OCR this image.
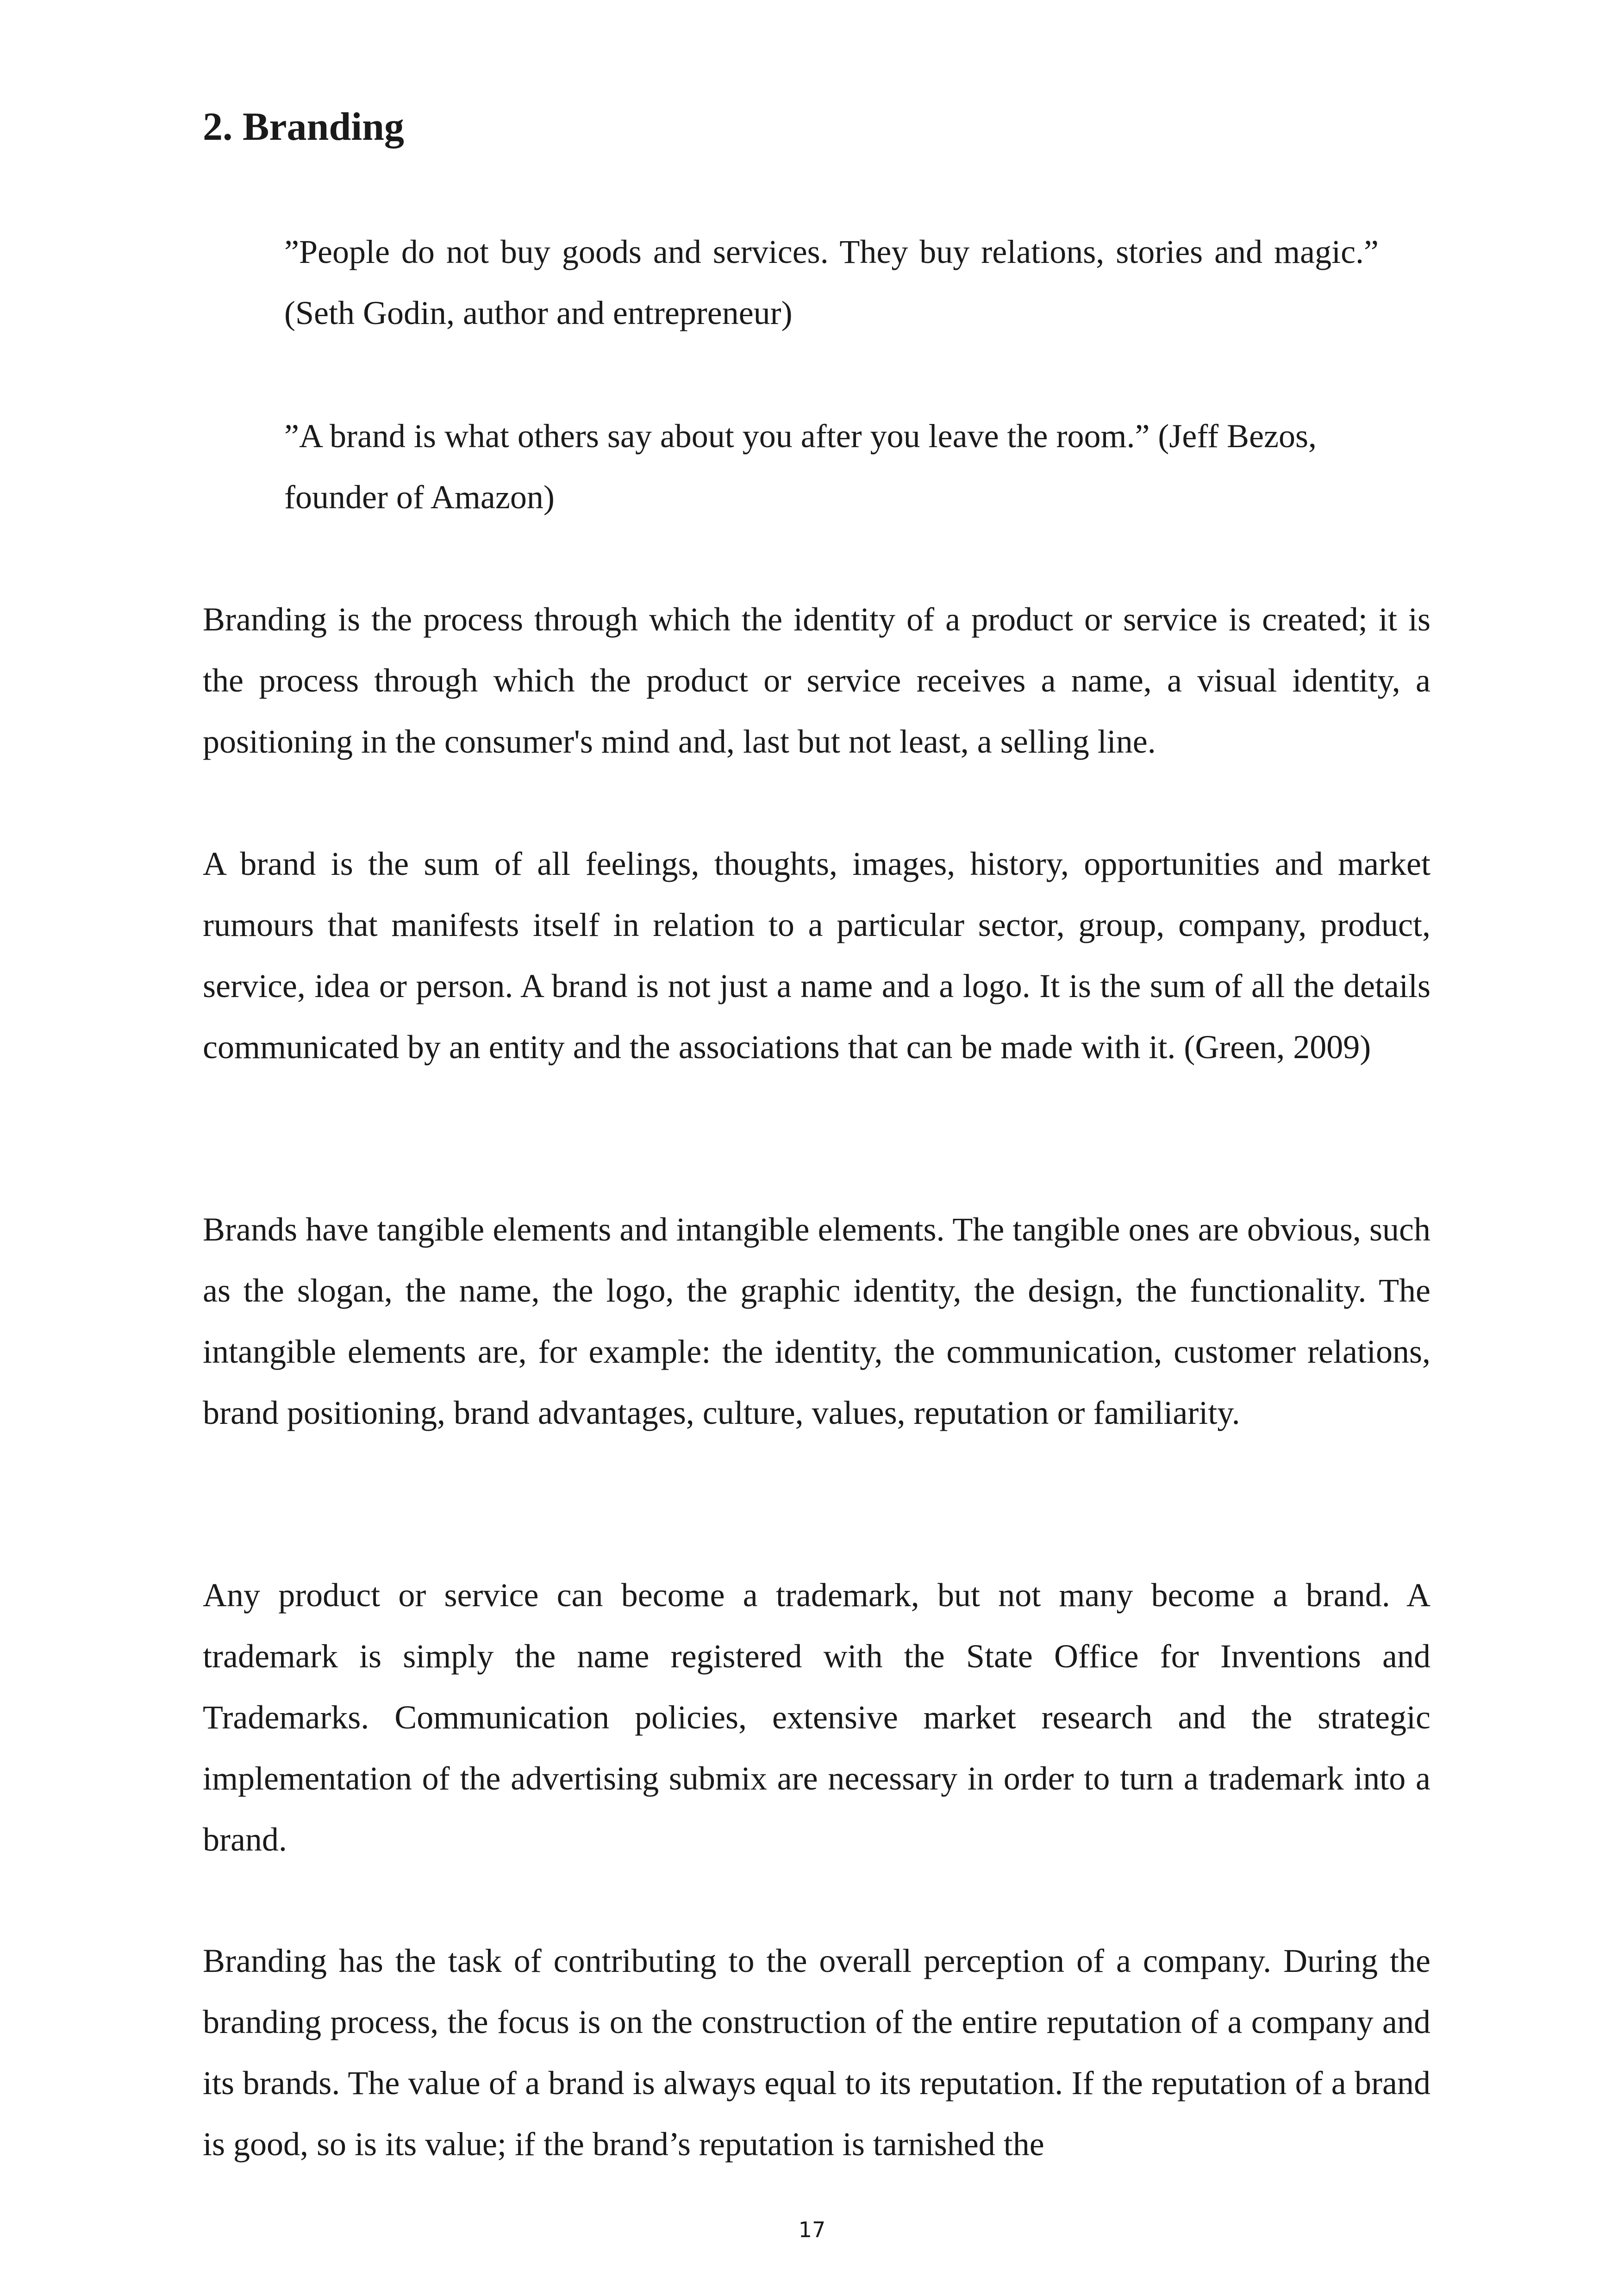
2. Branding

”People do not buy goods and services. They buy relations, stories and magic.” (Seth Godin, author and entrepreneur)

”A brand is what others say about you after you leave the room.” (Jeff Bezos, founder of Amazon)

Branding is the process through which the identity of a product or service is created; it is the process through which the product or service receives a name, a visual identity, a positioning in the consumer's mind and, last but not least, a selling line.

A brand is the sum of all feelings, thoughts, images, history, opportunities and market rumours that manifests itself in relation to a particular sector, group, company, product, service, idea or person. A brand is not just a name and a logo. It is the sum of all the details communicated by an entity and the associations that can be made with it. (Green, 2009)

Brands have tangible elements and intangible elements. The tangible ones are obvious, such as the slogan, the name, the logo, the graphic identity, the design, the functionality. The intangible elements are, for example: the identity, the communication, customer relations, brand positioning, brand advantages, culture, values, reputation or familiarity.

Any product or service can become a trademark, but not many become a brand. A trademark is simply the name registered with the State Office for Inventions and Trademarks. Communication policies, extensive market research and the strategic implementation of the advertising submix are necessary in order to turn a trademark into a brand.

Branding has the task of contributing to the overall perception of a company. During the branding process, the focus is on the construction of the entire reputation of a company and its brands. The value of a brand is always equal to its reputation. If the reputation of a brand is good, so is its value; if the brand’s reputation is tarnished the

17
